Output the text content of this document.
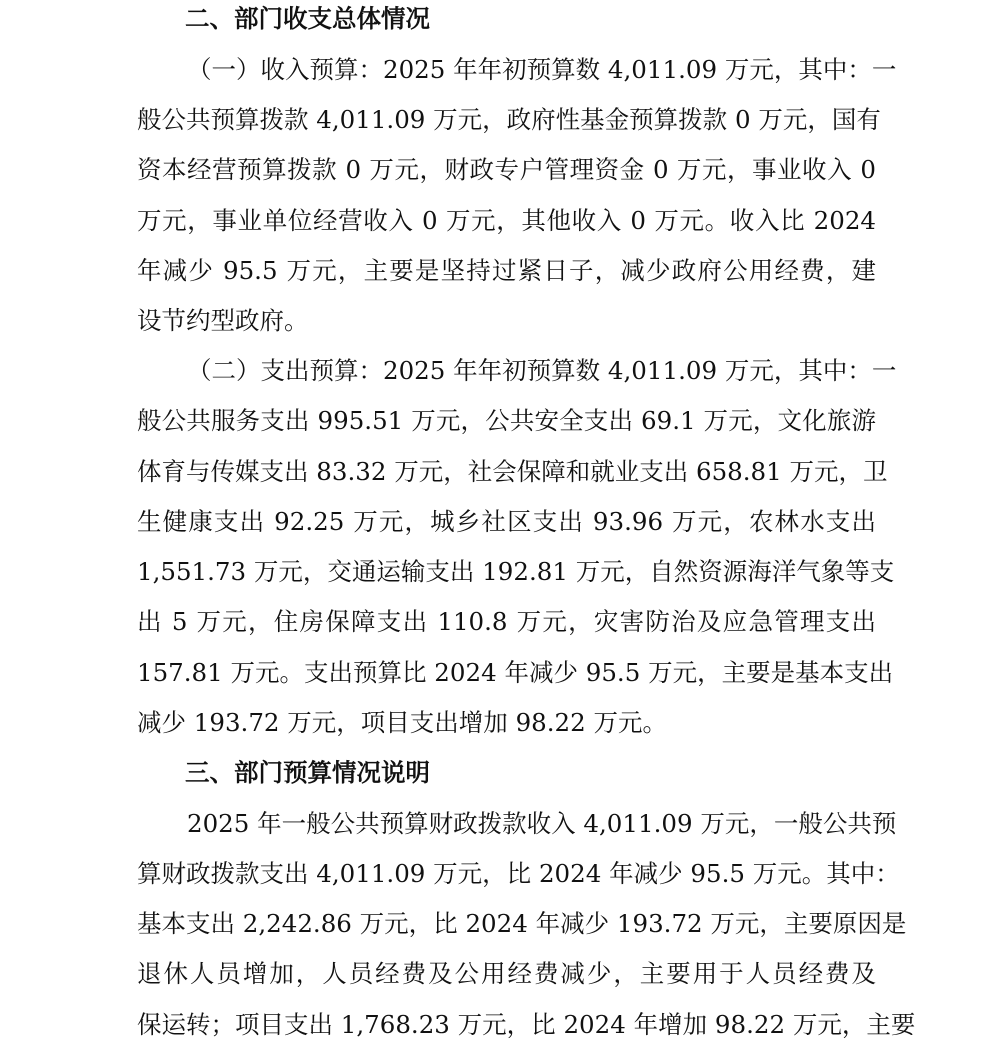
二、部门收支总体情况
（一）收入预算：2025 年年初预算数 4,011.09 万元，其中：一
般公共预算拨款 4,011.09 万元，政府性基金预算拨款 0 万元，国有
资本经营预算拨款 0 万元，财政专户管理资金 0 万元，事业收入 0
万元，事业单位经营收入 0 万元，其他收入 0 万元。收入比 2024
年减少 95.5 万元，主要是坚持过紧日子，减少政府公用经费，建
设节约型政府。
（二）支出预算：2025 年年初预算数 4,011.09 万元，其中：一
般公共服务支出 995.51 万元，公共安全支出 69.1 万元，文化旅游
体育与传媒支出 83.32 万元，社会保障和就业支出 658.81 万元，卫
生健康支出 92.25 万元，城乡社区支出 93.96 万元，农林水支出
1,551.73 万元，交通运输支出 192.81 万元，自然资源海洋气象等支
出 5 万元，住房保障支出 110.8 万元，灾害防治及应急管理支出
157.81 万元。支出预算比 2024 年减少 95.5 万元，主要是基本支出
减少 193.72 万元，项目支出增加 98.22 万元。
三、部门预算情况说明
2025 年一般公共预算财政拨款收入 4,011.09 万元，一般公共预
算财政拨款支出 4,011.09 万元，比 2024 年减少 95.5 万元。其中：
基本支出 2,242.86 万元，比 2024 年减少 193.72 万元，主要原因是
退休人员增加，人员经费及公用经费减少，主要用于人员经费及
保运转；项目支出 1,768.23 万元，比 2024 年增加 98.22 万元，主要
